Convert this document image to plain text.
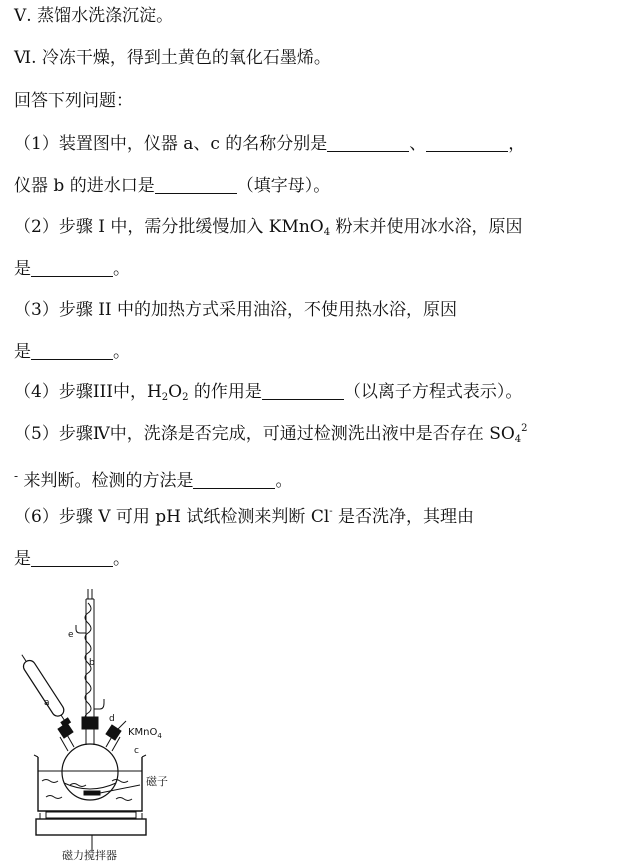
Ⅴ. 蒸馏水洗涤沉淀。
Ⅵ. 冷冻干燥，得到土黄色的氧化石墨烯。
回答下列问题：
（1）装置图中，仪器 a、c 的名称分别是	、	，
仪器 b 的进水口是	（填字母）。
（2）步骤 I 中，需分批缓慢加入 KMnO$_4$ 粉末并使用冰水浴，原因
是	。
（3）步骤 II 中的加热方式采用油浴，不使用热水浴，原因
是	。
（4）步骤III中，$H_2O_2$ 的作用是	（以离子方程式表示）。
（5）步骤Ⅳ中，洗涤是否完成，可通过检测洗出液中是否存在 $SO_4^2$
- 来判断。检测的方法是	。
（6）步骤 V 可用 pH 试纸检测来判断 Cl- 是否洗净，其理由
是	。
e
b
a
d
c
KMnO$_4$
磁子
磁力搅拌器
